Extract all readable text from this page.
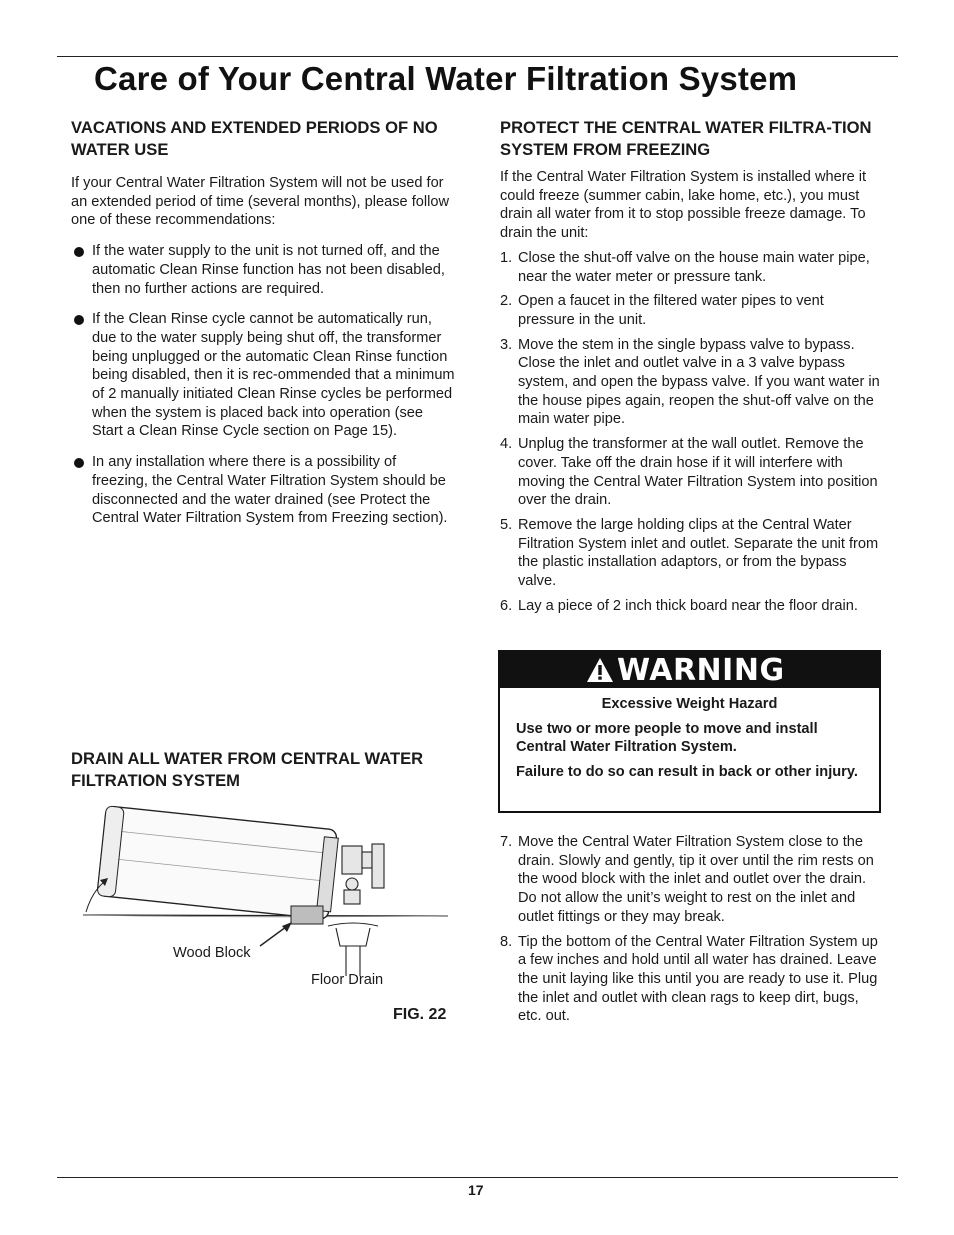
Care of Your Central Water Filtration System
VACATIONS AND EXTENDED PERIODS OF NO WATER USE

If your Central Water Filtration System will not be used for an extended period of time (several months), please follow one of these recommendations:

If the water supply to the unit is not turned off, and the automatic Clean Rinse function has not been disabled, then no further actions are required.
If the Clean Rinse cycle cannot be automatically run, due to the water supply being shut off, the transformer being unplugged or the automatic Clean Rinse function being disabled, then it is rec-ommended that a minimum of 2 manually initiated Clean Rinse cycles be performed when the system is placed back into operation (see Start a Clean Rinse Cycle section on Page 15).
In any installation where there is a possibility of freezing, the Central Water Filtration System should be disconnected and the water drained (see Protect the Central Water Filtration System from Freezing section).
DRAIN ALL WATER FROM CENTRAL WATER FILTRATION SYSTEM
Wood Block
Floor Drain
FIG. 22
PROTECT THE CENTRAL WATER FILTRA-TION SYSTEM FROM FREEZING

If the Central Water Filtration System is installed where it could freeze (summer cabin, lake home, etc.), you must drain all water from it to stop possible freeze damage. To drain the unit:

1. Close the shut-off valve on the house main water pipe, near the water meter or pressure tank.
2. Open a faucet in the filtered water pipes to vent pressure in the unit.
3. Move the stem in the single bypass valve to bypass. Close the inlet and outlet valve in a 3 valve bypass system, and open the bypass valve. If you want water in the house pipes again, reopen the shut-off valve on the main water pipe.
4. Unplug the transformer at the wall outlet. Remove the cover. Take off the drain hose if it will interfere with moving the Central Water Filtration System into position over the drain.
5. Remove the large holding clips at the Central Water Filtration System inlet and outlet. Separate the unit from the plastic installation adaptors, or from the bypass valve.
6. Lay a piece of 2 inch thick board near the floor drain.
WARNING

Excessive Weight Hazard

Use two or more people to move and install Central Water Filtration System.

Failure to do so can result in back or other injury.

7. Move the Central Water Filtration System close to the drain. Slowly and gently, tip it over until the rim rests on the wood block with the inlet and outlet over the drain. Do not allow the unit’s weight to rest on the inlet and outlet fittings or they may break.
8. Tip the bottom of the Central Water Filtration System up a few inches and hold until all water has drained. Leave the unit laying like this until you are ready to use it. Plug the inlet and outlet with clean rags to keep dirt, bugs, etc. out.
17
